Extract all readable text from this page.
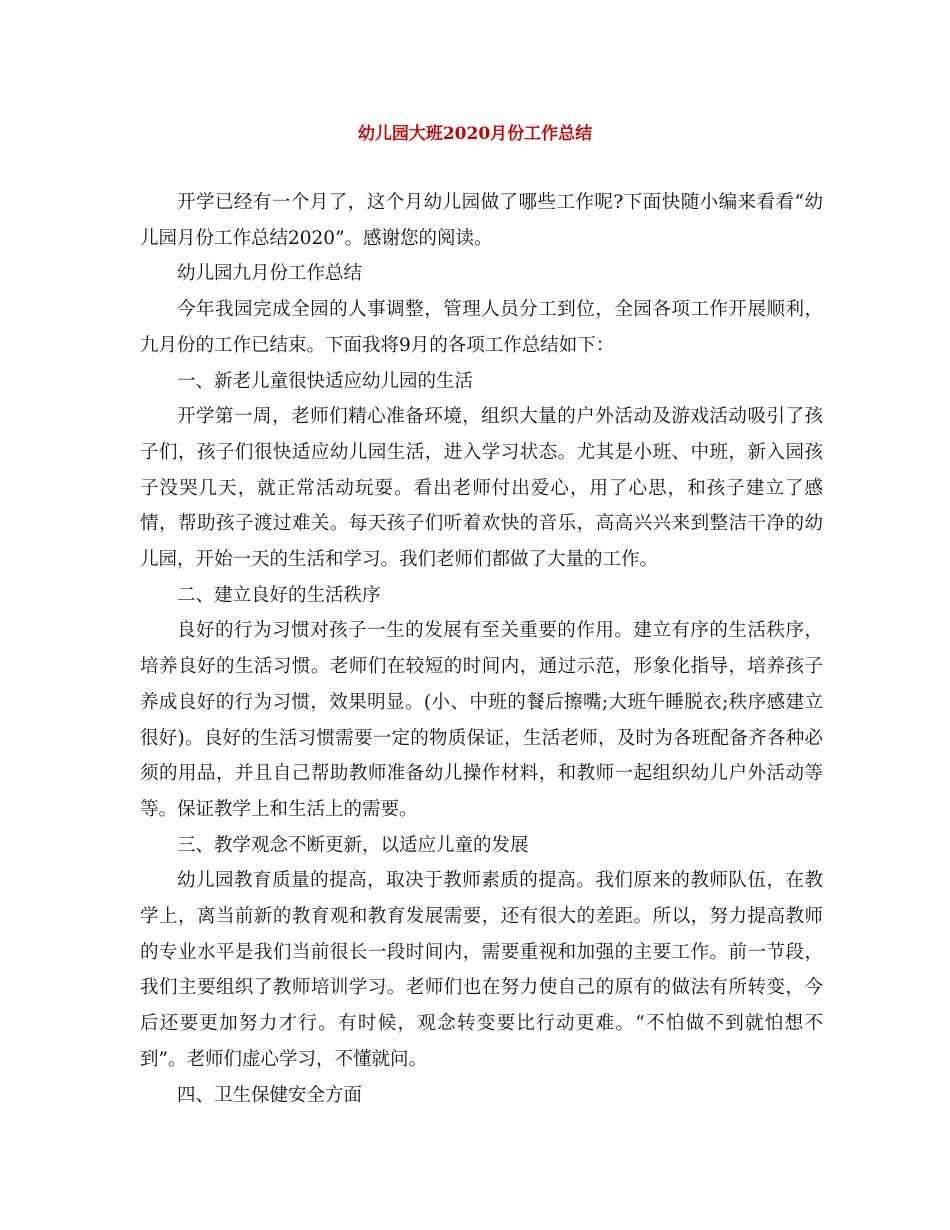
幼儿园大班2020月份工作总结

开学已经有一个月了，这个月幼儿园做了哪些工作呢?下面快随小编来看看“幼儿园月份工作总结2020”。感谢您的阅读。

幼儿园九月份工作总结

今年我园完成全园的人事调整，管理人员分工到位，全园各项工作开展顺利，九月份的工作已结束。下面我将9月的各项工作总结如下：

一、新老儿童很快适应幼儿园的生活

开学第一周，老师们精心准备环境，组织大量的户外活动及游戏活动吸引了孩子们，孩子们很快适应幼儿园生活，进入学习状态。尤其是小班、中班，新入园孩子没哭几天，就正常活动玩耍。看出老师付出爱心，用了心思，和孩子建立了感情，帮助孩子渡过难关。每天孩子们听着欢快的音乐，高高兴兴来到整洁干净的幼儿园，开始一天的生活和学习。我们老师们都做了大量的工作。

二、建立良好的生活秩序

良好的行为习惯对孩子一生的发展有至关重要的作用。建立有序的生活秩序，培养良好的生活习惯。老师们在较短的时间内，通过示范，形象化指导，培养孩子养成良好的行为习惯，效果明显。(小、中班的餐后擦嘴;大班午睡脱衣;秩序感建立很好)。良好的生活习惯需要一定的物质保证，生活老师，及时为各班配备齐各种必须的用品，并且自己帮助教师准备幼儿操作材料，和教师一起组织幼儿户外活动等等。保证教学上和生活上的需要。

三、教学观念不断更新，以适应儿童的发展

幼儿园教育质量的提高，取决于教师素质的提高。我们原来的教师队伍，在教学上，离当前新的教育观和教育发展需要，还有很大的差距。所以，努力提高教师的专业水平是我们当前很长一段时间内，需要重视和加强的主要工作。前一节段，我们主要组织了教师培训学习。老师们也在努力使自己的原有的做法有所转变，今后还要更加努力才行。有时候，观念转变要比行动更难。“不怕做不到就怕想不到”。老师们虚心学习，不懂就问。

四、卫生保健安全方面
